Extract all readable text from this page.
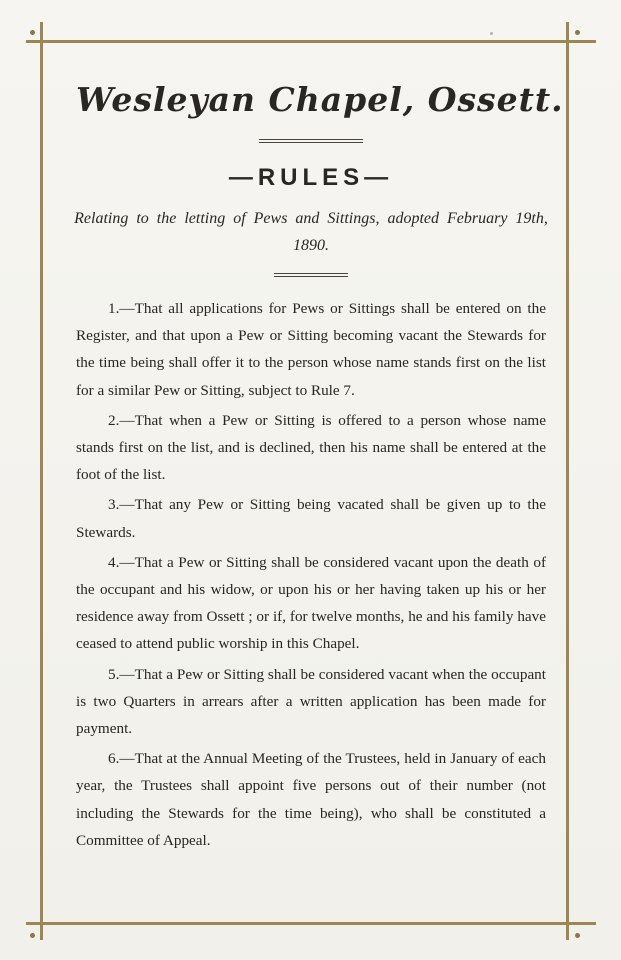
Wesleyan Chapel, Ossett.
—RULES—
Relating to the letting of Pews and Sittings, adopted February 19th, 1890.

1.—That all applications for Pews or Sittings shall be entered on the Register, and that upon a Pew or Sitting becoming vacant the Stewards for the time being shall offer it to the person whose name stands first on the list for a similar Pew or Sitting, subject to Rule 7.

2.—That when a Pew or Sitting is offered to a person whose name stands first on the list, and is declined, then his name shall be entered at the foot of the list.

3.—That any Pew or Sitting being vacated shall be given up to the Stewards.

4.—That a Pew or Sitting shall be considered vacant upon the death of the occupant and his widow, or upon his or her having taken up his or her residence away from Ossett ; or if, for twelve months, he and his family have ceased to attend public worship in this Chapel.

5.—That a Pew or Sitting shall be considered vacant when the occupant is two Quarters in arrears after a written application has been made for payment.

6.—That at the Annual Meeting of the Trustees, held in January of each year, the Trustees shall appoint five persons out of their number (not including the Stewards for the time being), who shall be constituted a Committee of Appeal.
